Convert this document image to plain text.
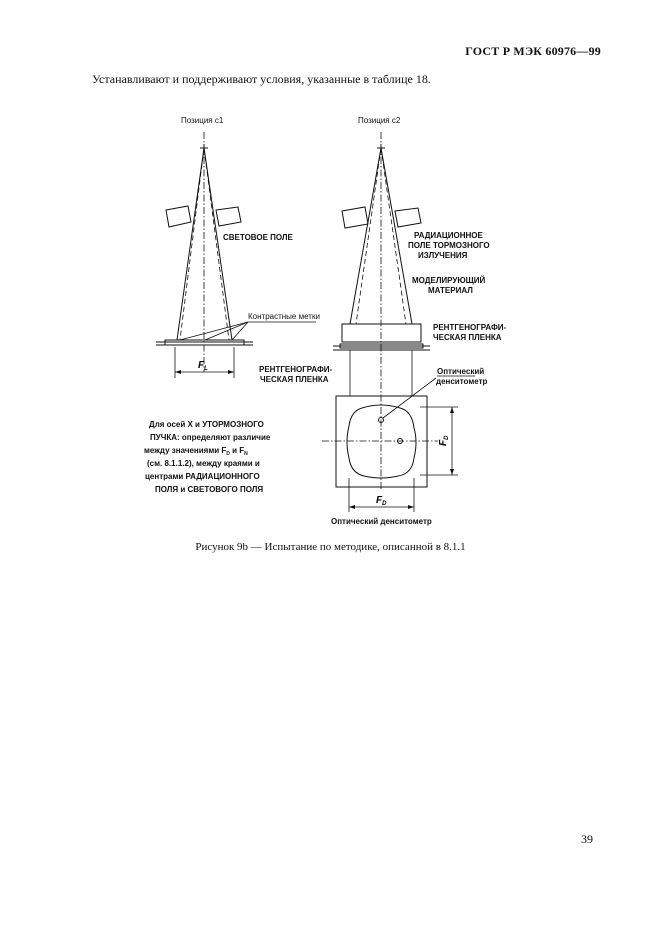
ГОСТ Р МЭК 60976—99
Устанавливают и поддерживают условия, указанные в таблице 18.
Позиция с1
СВЕТОВОЕ ПОЛЕ
Контрастные метки
$F_L$
Позиция с2
РАДИАЦИОННОЕ
ПОЛЕ ТОРМОЗНОГО
ИЗЛУЧЕНИЯ
МОДЕЛИРУЮЩИЙ
МАТЕРИАЛ
РЕНТГЕНОГРАФИ-
ЧЕСКАЯ ПЛЕНКА
РЕНТГЕНОГРАФИ-
ЧЕСКАЯ ПЛЕНКА
Оптический
денситометр
$F_D$
$F_D$
Оптический денситометр
Для осей X и УТОРМОЗНОГО
ПУЧКА: определяют различие
между значениями $F_D$ и $F_N$
(см. 8.1.1.2), между краями и
центрами РАДИАЦИОННОГО
ПОЛЯ и СВЕТОВОГО ПОЛЯ
Рисунок 9b — Испытание по методике, описанной в 8.1.1
39
